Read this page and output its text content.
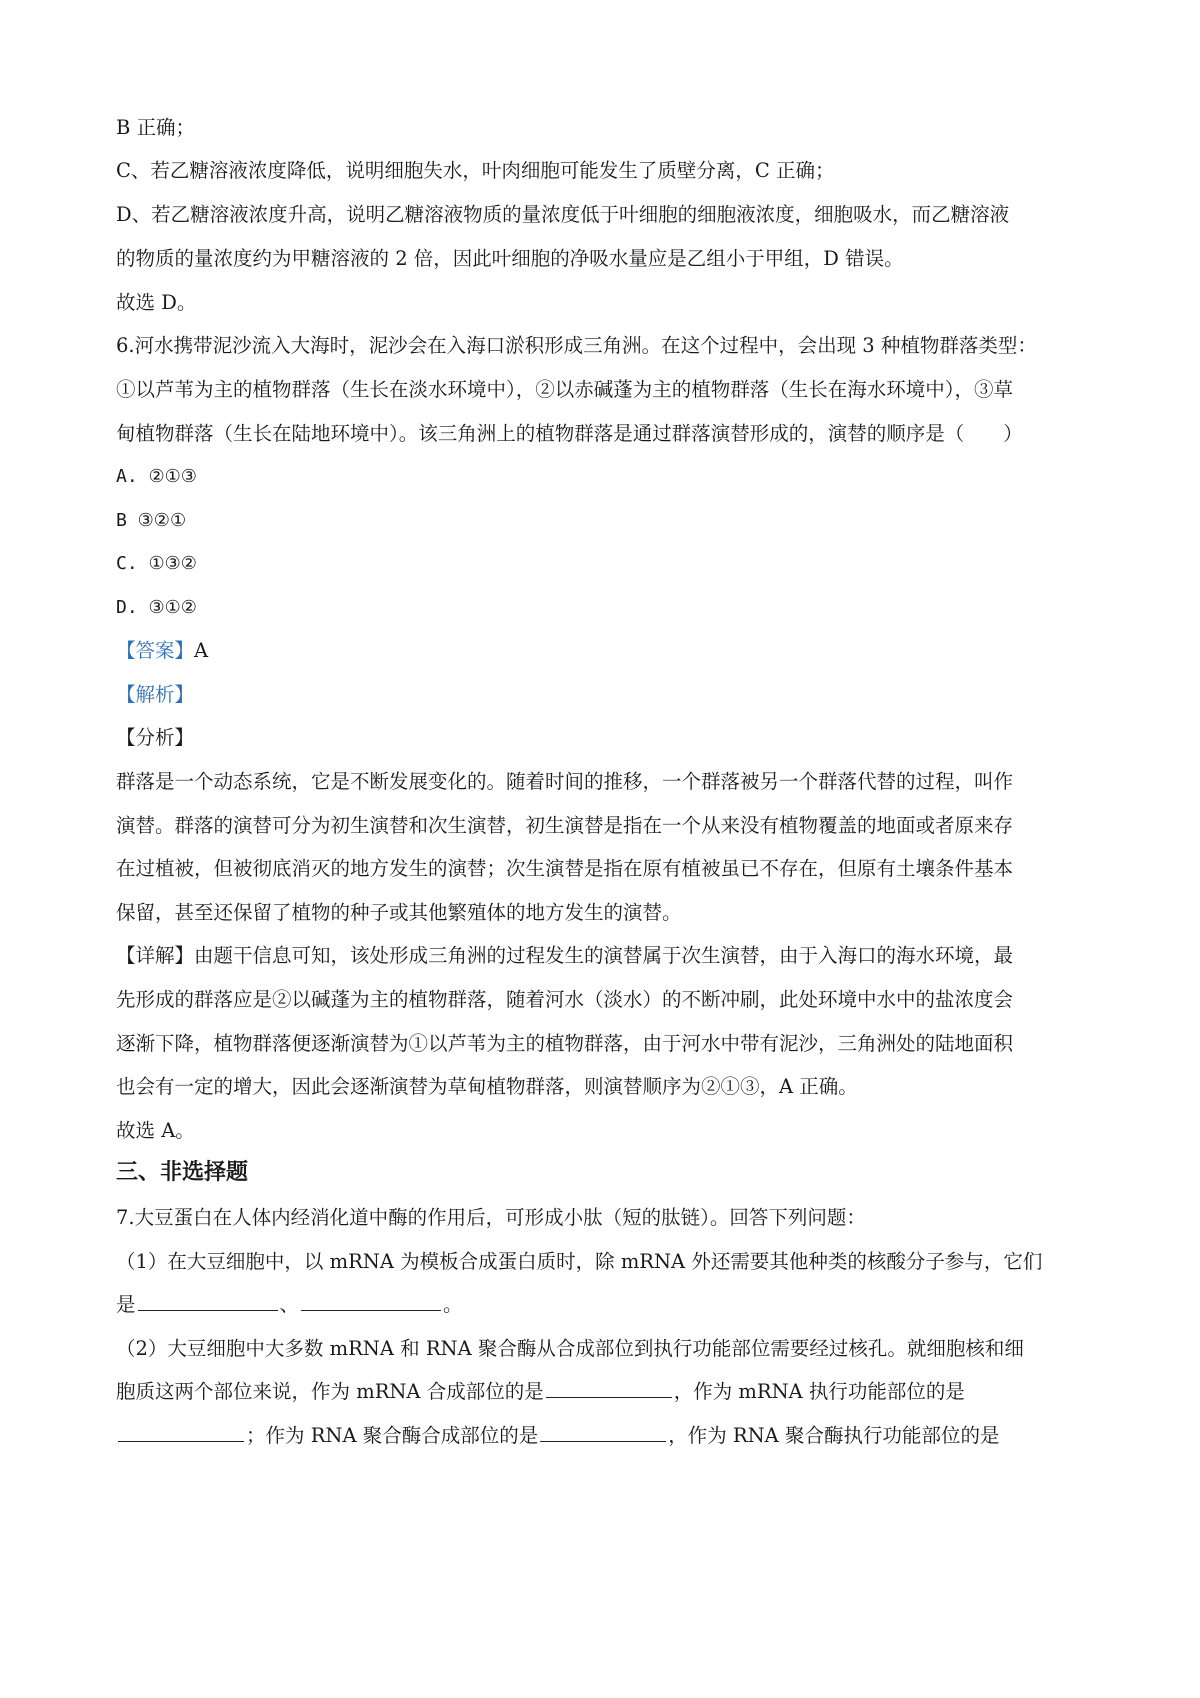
B 正确；
C、若乙糖溶液浓度降低，说明细胞失水，叶肉细胞可能发生了质壁分离，C 正确；
D、若乙糖溶液浓度升高，说明乙糖溶液物质的量浓度低于叶细胞的细胞液浓度，细胞吸水，而乙糖溶液
的物质的量浓度约为甲糖溶液的 2 倍，因此叶细胞的净吸水量应是乙组小于甲组，D 错误。
故选 D。
6.河水携带泥沙流入大海时，泥沙会在入海口淤积形成三角洲。在这个过程中，会出现 3 种植物群落类型：
①以芦苇为主的植物群落（生长在淡水环境中），②以赤碱蓬为主的植物群落（生长在海水环境中），③草
甸植物群落（生长在陆地环境中）。该三角洲上的植物群落是通过群落演替形成的，演替的顺序是（　　）
A. ②①③
B ③②①
C. ①③②
D. ③①②
【答案】A
【解析】
【分析】
群落是一个动态系统，它是不断发展变化的。随着时间的推移，一个群落被另一个群落代替的过程，叫作
演替。群落的演替可分为初生演替和次生演替，初生演替是指在一个从来没有植物覆盖的地面或者原来存
在过植被，但被彻底消灭的地方发生的演替；次生演替是指在原有植被虽已不存在，但原有土壤条件基本
保留，甚至还保留了植物的种子或其他繁殖体的地方发生的演替。
【详解】由题干信息可知，该处形成三角洲的过程发生的演替属于次生演替，由于入海口的海水环境，最
先形成的群落应是②以碱蓬为主的植物群落，随着河水（淡水）的不断冲刷，此处环境中水中的盐浓度会
逐渐下降，植物群落便逐渐演替为①以芦苇为主的植物群落，由于河水中带有泥沙，三角洲处的陆地面积
也会有一定的增大，因此会逐渐演替为草甸植物群落，则演替顺序为②①③，A 正确。
故选 A。
三、非选择题
7.大豆蛋白在人体内经消化道中酶的作用后，可形成小肽（短的肽链）。回答下列问题：
（1）在大豆细胞中，以 mRNA 为模板合成蛋白质时，除 mRNA 外还需要其他种类的核酸分子参与，它们
是	、	。
（2）大豆细胞中大多数 mRNA 和 RNA 聚合酶从合成部位到执行功能部位需要经过核孔。就细胞核和细
胞质这两个部位来说，作为 mRNA 合成部位的是	，作为 mRNA 执行功能部位的是
；作为 RNA 聚合酶合成部位的是	，作为 RNA 聚合酶执行功能部位的是
